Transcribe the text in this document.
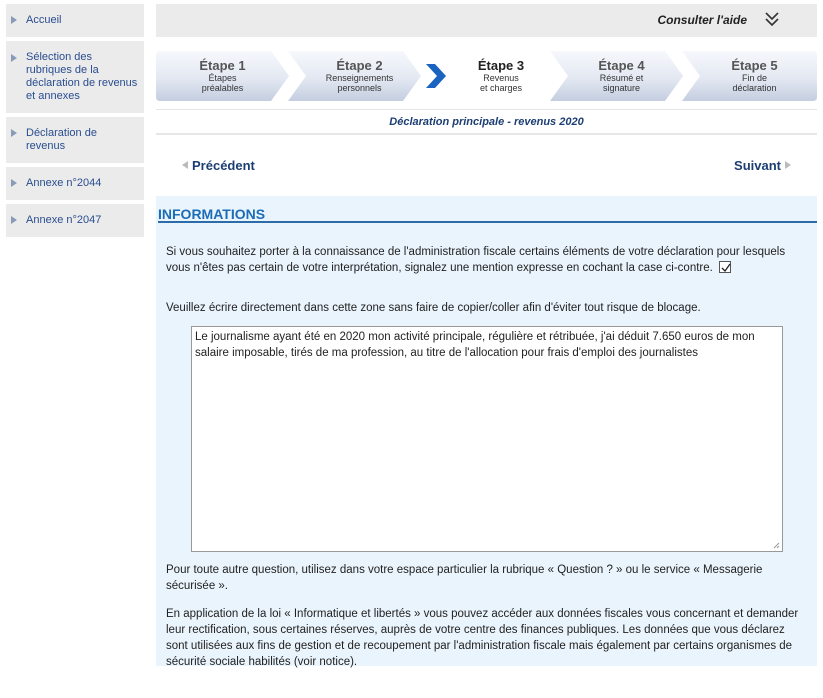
Accueil
Sélection des rubriques de la déclaration de revenus et annexes
Déclaration de revenus
Annexe n°2044
Annexe n°2047
Consulter l'aide
Étape 1
Étapes
préalables
Étape 2
Renseignements
personnels
Étape 3
Revenus
et charges
Étape 4
Résumé et
signature
Étape 5
Fin de
déclaration
Déclaration principale - revenus 2020
Précédent	Suivant
INFORMATIONS
Si vous souhaitez porter à la connaissance de l'administration fiscale certains éléments de votre déclaration pour lesquels vous n'êtes pas certain de votre interprétation, signalez une mention expresse en cochant la case ci-contre.
Veuillez écrire directement dans cette zone sans faire de copier/coller afin d'éviter tout risque de blocage.
Le journalisme ayant été en 2020 mon activité principale, régulière et rétribuée, j'ai déduit 7.650 euros de mon salaire imposable, tirés de ma profession, au titre de l'allocation pour frais d'emploi des journalistes
Pour toute autre question, utilisez dans votre espace particulier la rubrique « Question ? » ou le service « Messagerie sécurisée ».
En application de la loi « Informatique et libertés » vous pouvez accéder aux données fiscales vous concernant et demander leur rectification, sous certaines réserves, auprès de votre centre des finances publiques. Les données que vous déclarez sont utilisées aux fins de gestion et de recoupement par l'administration fiscale mais également par certains organismes de sécurité sociale habilités (voir notice).
